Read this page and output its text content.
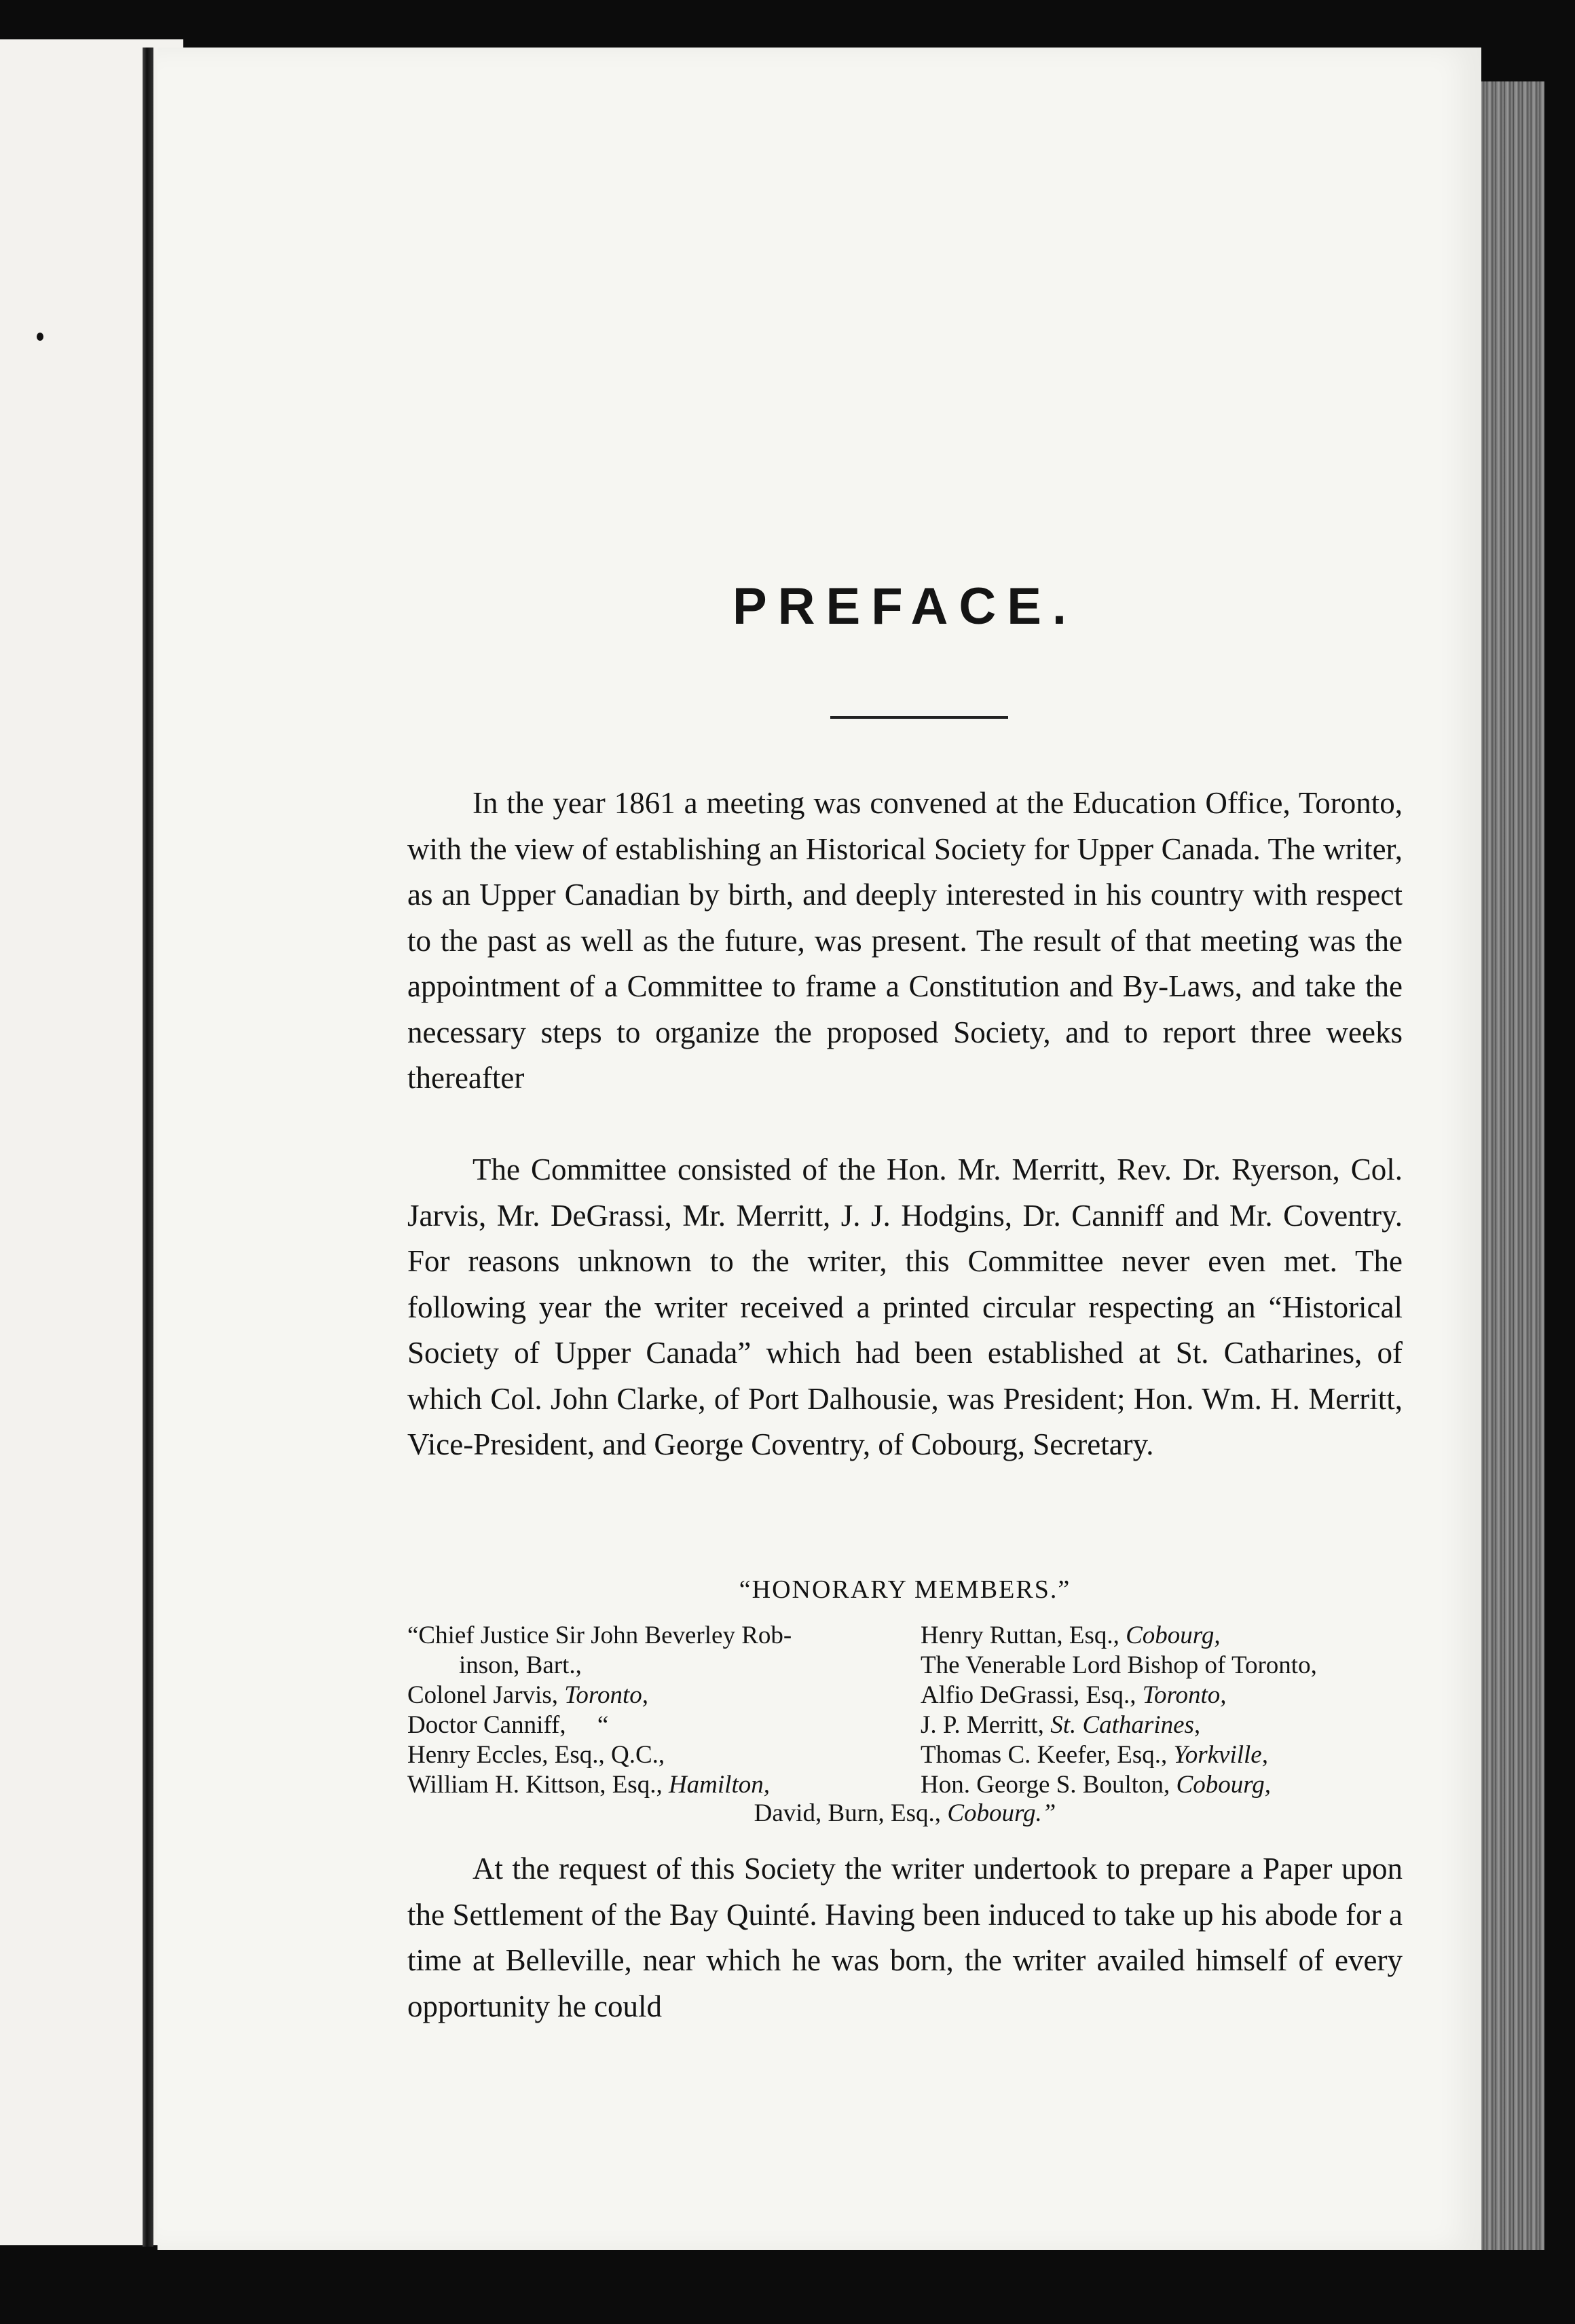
PREFACE.

In the year 1861 a meeting was convened at the Education Office, Toronto, with the view of establishing an Historical Society for Upper Canada. The writer, as an Upper Canadian by birth, and deeply interested in his country with respect to the past as well as the future, was present. The result of that meeting was the appointment of a Committee to frame a Constitution and By-Laws, and take the necessary steps to organize the proposed Society, and to report three weeks thereafter

The Committee consisted of the Hon. Mr. Merritt, Rev. Dr. Ryerson, Col. Jarvis, Mr. DeGrassi, Mr. Merritt, J. J. Hodgins, Dr. Canniff and Mr. Coventry. For reasons unknown to the writer, this Committee never even met. The following year the writer received a printed circular respecting an “Historical Society of Upper Canada” which had been established at St. Catharines, of which Col. John Clarke, of Port Dalhousie, was President; Hon. Wm. H. Merritt, Vice-President, and George Coventry, of Cobourg, Secretary.

“HONORARY MEMBERS.”

“Chief Justice Sir John Beverley Rob-
inson, Bart.,
Colonel Jarvis, Toronto,
Doctor Canniff,     “
Henry Eccles, Esq., Q.C.,
William H. Kittson, Esq., Hamilton,
Henry Ruttan, Esq., Cobourg,
The Venerable Lord Bishop of Toronto,
Alfio DeGrassi, Esq., Toronto,
J. P. Merritt, St. Catharines,
Thomas C. Keefer, Esq., Yorkville,
Hon. George S. Boulton, Cobourg,
David, Burn, Esq., Cobourg.”

At the request of this Society the writer undertook to prepare a Paper upon the Settlement of the Bay Quinté. Having been induced to take up his abode for a time at Belleville, near which he was born, the writer availed himself of every opportunity he could
